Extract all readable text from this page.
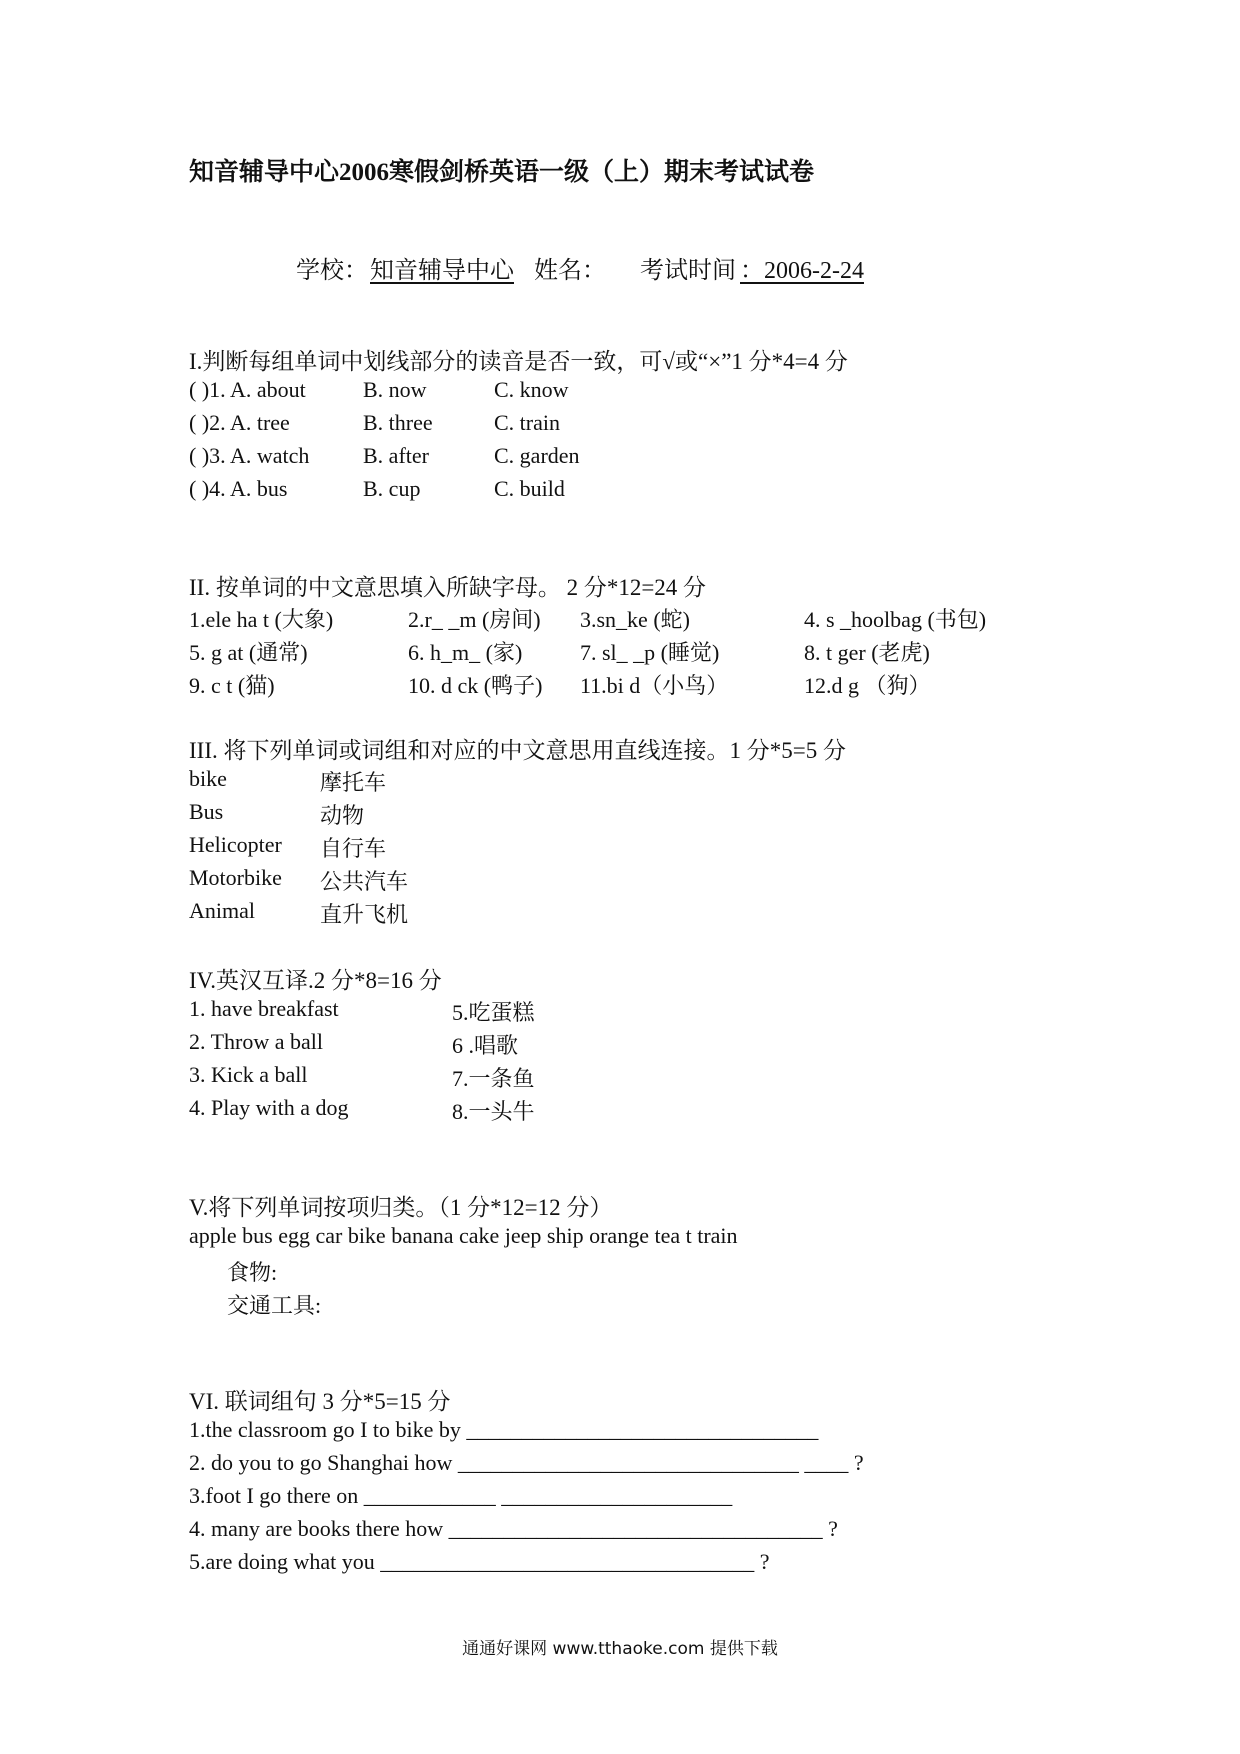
知音辅导中心2006寒假剑桥英语一级（上）期末考试试卷
学校： 知音辅导中心 姓名： 考试时间 ：2006-2-24
I.判断每组单词中划线部分的读音是否一致，可√或“×”1 分*4=4 分
( )1. A. about	B. now	C. know
( )2. A. tree	B. three	C. train
( )3. A. watch B. after	C. garden
( )4. A. bus	B. cup	C. build
II. 按单词的中文意思填入所缺字母。 2 分*12=24 分
1.ele ha t (大象)	2.r_ _m (房间) 3.sn_ke (蛇)	4. s _hoolbag (书包)
5. g at (通常)	6. h_m_ (家)	7. sl_ _p (睡觉)	8. t ger (老虎)
9. c t (猫)	10. d ck (鸭子) 11.bi d（小鸟）	12.d g （狗）
III. 将下列单词或词组和对应的中文意思用直线连接。1 分*5=5 分
bike	摩托车
Bus	动物
Helicopter 自行车
Motorbike 公共汽车
Animal	直升飞机
IV.英汉互译.2 分*8=16 分
1. have breakfast	5.吃蛋糕
2. Throw a ball	6 .唱歌
3. Kick a ball	7.一条鱼
4. Play with a dog	8.一头牛
V.将下列单词按项归类。（1 分*12=12 分）
apple bus egg car bike banana cake jeep ship orange tea t train
食物:
交通工具:
VI. 联词组句 3 分*5=15 分
1.the classroom go I to bike by ________________________________
2. do you to go Shanghai how _______________________________ ____ ?
3.foot I go there on ____________ _____________________
4. many are books there how __________________________________ ?
5.are doing what you __________________________________ ?
通通好课网 www.tthaoke.com 提供下载
